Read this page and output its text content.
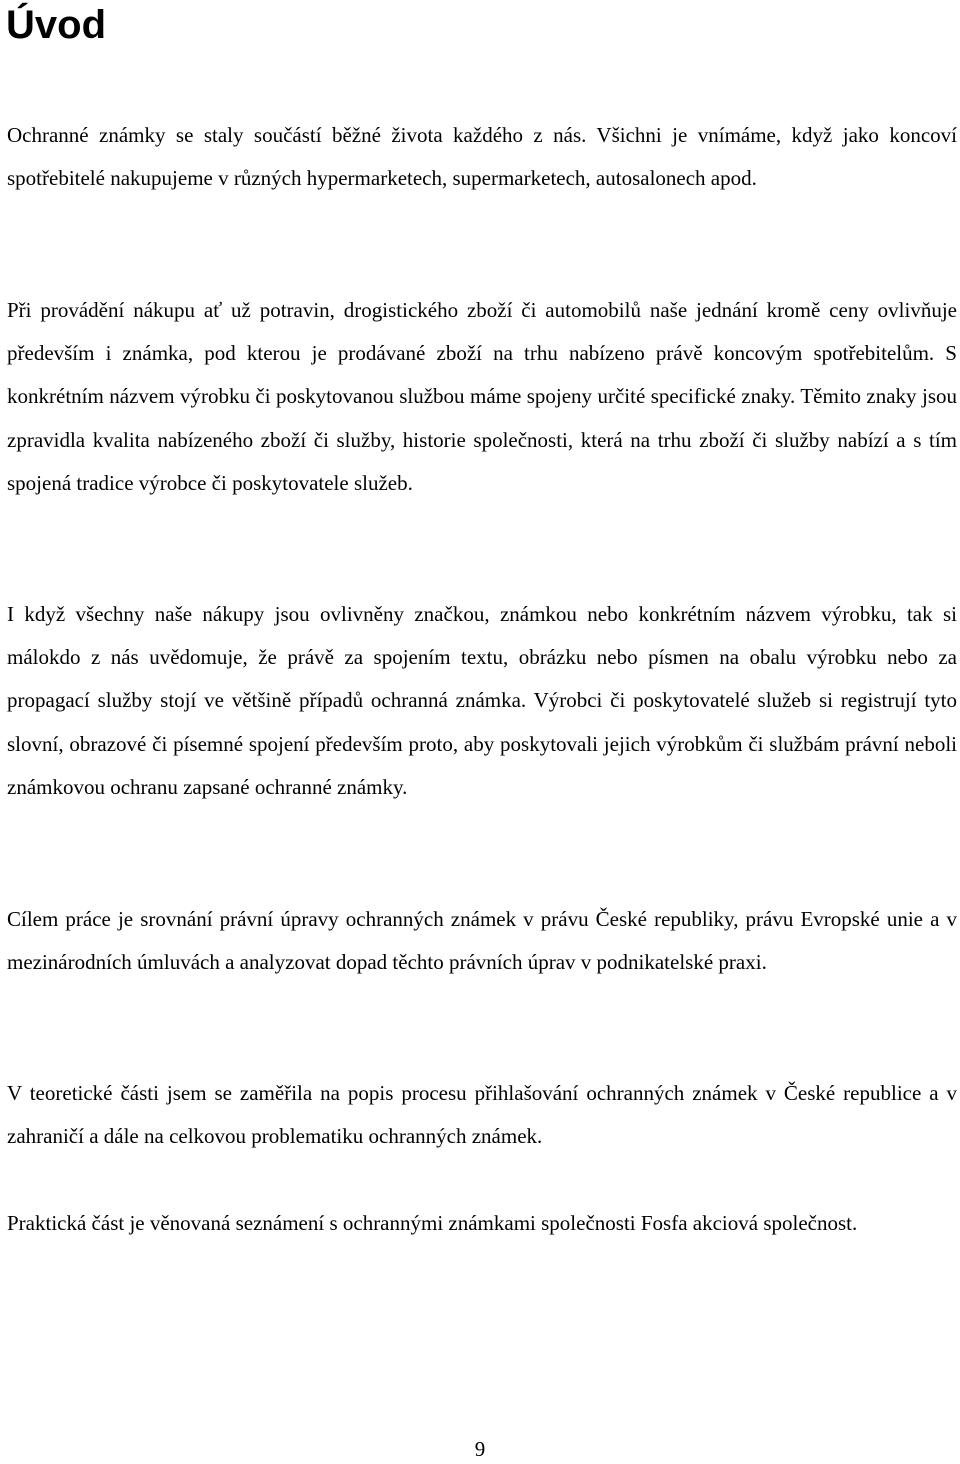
Úvod

Ochranné známky se staly součástí běžné života každého z nás. Všichni je vnímáme, když jako koncoví spotřebitelé nakupujeme v různých hypermarketech, supermarketech, autosalonech apod.

Při provádění nákupu ať už potravin, drogistického zboží či automobilů naše jednání kromě ceny ovlivňuje především i známka, pod kterou je prodávané zboží na trhu nabízeno právě koncovým spotřebitelům. S konkrétním názvem výrobku či poskytovanou službou máme spojeny určité specifické znaky. Těmito znaky jsou zpravidla kvalita nabízeného zboží či služby, historie společnosti, která na trhu zboží či služby nabízí a s tím spojená tradice výrobce či poskytovatele služeb.

I když všechny naše nákupy jsou ovlivněny značkou, známkou nebo konkrétním názvem výrobku, tak si málokdo z nás uvědomuje, že právě za spojením textu, obrázku nebo písmen na obalu výrobku nebo za propagací služby stojí ve většině případů ochranná známka. Výrobci či poskytovatelé služeb si registrují tyto slovní, obrazové či písemné spojení především proto, aby poskytovali jejich výrobkům či službám právní neboli známkovou ochranu zapsané ochranné známky.

Cílem práce je srovnání právní úpravy ochranných známek v právu České republiky, právu Evropské unie a v mezinárodních úmluvách a analyzovat dopad těchto právních úprav v podnikatelské praxi.

V teoretické části jsem se zaměřila na popis procesu přihlašování ochranných známek v České republice a v zahraničí a dále na celkovou problematiku ochranných známek.

Praktická část je věnovaná seznámení s ochrannými známkami společnosti Fosfa akciová společnost.

9
